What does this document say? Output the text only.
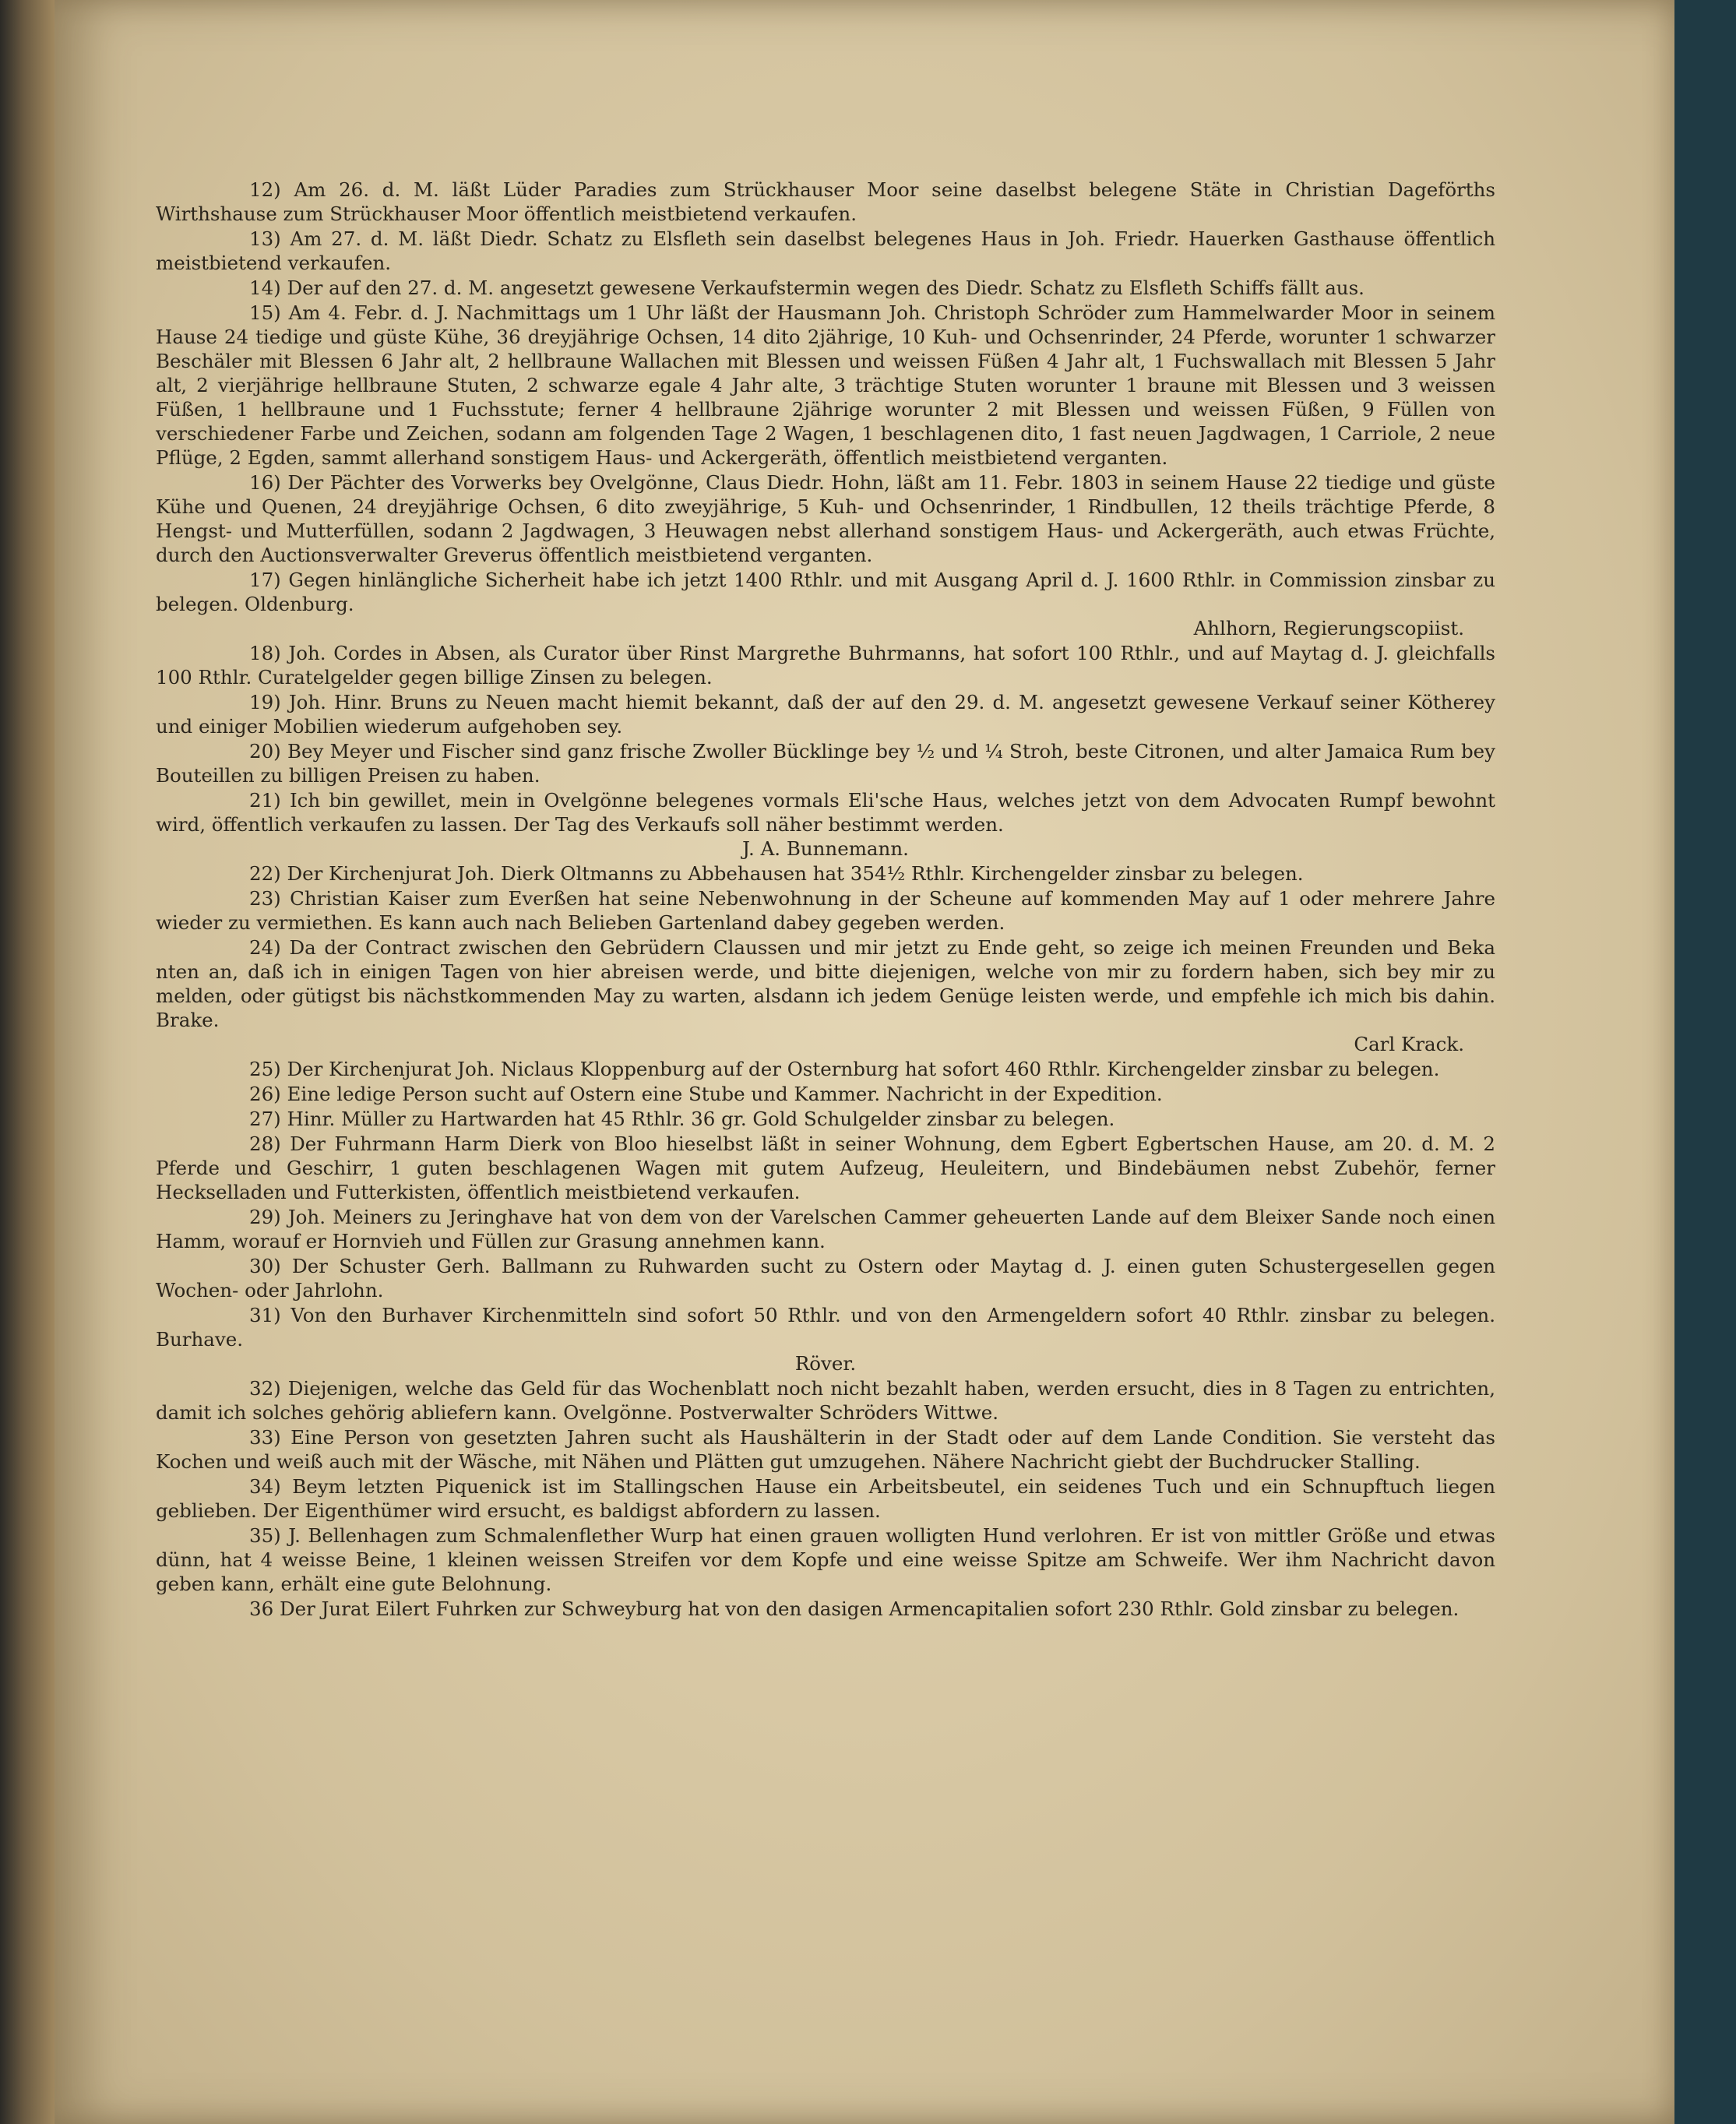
12) Am 26. d. M. läßt Lüder Paradies zum Strückhauser Moor seine daselbst belegene Stäte in Christian Dageförths Wirthshause zum Strückhauser Moor öffentlich meistbietend verkaufen.

13) Am 27. d. M. läßt Diedr. Schatz zu Elsfleth sein daselbst belegenes Haus in Joh. Friedr. Hauerken Gasthause öffentlich meistbietend verkaufen.

14) Der auf den 27. d. M. angesetzt gewesene Verkaufstermin wegen des Diedr. Schatz zu Elsfleth Schiffs fällt aus.

15) Am 4. Febr. d. J. Nachmittags um 1 Uhr läßt der Hausmann Joh. Christoph Schröder zum Hammelwarder Moor in seinem Hause 24 tiedige und güste Kühe, 36 dreyjährige Ochsen, 14 dito 2jährige, 10 Kuh- und Ochsenrinder, 24 Pferde, worunter 1 schwarzer Beschäler mit Blessen 6 Jahr alt, 2 hellbraune Wallachen mit Blessen und weissen Füßen 4 Jahr alt, 1 Fuchswallach mit Blessen 5 Jahr alt, 2 vierjährige hellbraune Stuten, 2 schwarze egale 4 Jahr alte, 3 trächtige Stuten worunter 1 braune mit Blessen und 3 weissen Füßen, 1 hellbraune und 1 Fuchsstute; ferner 4 hellbraune 2jährige worunter 2 mit Blessen und weissen Füßen, 9 Füllen von verschiedener Farbe und Zeichen, sodann am folgenden Tage 2 Wagen, 1 beschlagenen dito, 1 fast neuen Jagdwagen, 1 Carriole, 2 neue Pflüge, 2 Egden, sammt allerhand sonstigem Haus- und Ackergeräth, öffentlich meistbietend verganten.

16) Der Pächter des Vorwerks bey Ovelgönne, Claus Diedr. Hohn, läßt am 11. Febr. 1803 in seinem Hause 22 tiedige und güste Kühe und Quenen, 24 dreyjährige Ochsen, 6 dito zweyjährige, 5 Kuh- und Ochsenrinder, 1 Rindbullen, 12 theils trächtige Pferde, 8 Hengst- und Mutterfüllen, sodann 2 Jagdwagen, 3 Heuwagen nebst allerhand sonstigem Haus- und Ackergeräth, auch etwas Früchte, durch den Auctionsverwalter Greverus öffentlich meistbietend verganten.

17) Gegen hinlängliche Sicherheit habe ich jetzt 1400 Rthlr. und mit Ausgang April d. J. 1600 Rthlr. in Commission zinsbar zu belegen. Oldenburg.
Ahlhorn, Regierungscopiist.

18) Joh. Cordes in Absen, als Curator über Rinst Margrethe Buhrmanns, hat sofort 100 Rthlr., und auf Maytag d. J. gleichfalls 100 Rthlr. Curatelgelder gegen billige Zinsen zu belegen.

19) Joh. Hinr. Bruns zu Neuen macht hiemit bekannt, daß der auf den 29. d. M. angesetzt gewesene Verkauf seiner Kötherey und einiger Mobilien wiederum aufgehoben sey.

20) Bey Meyer und Fischer sind ganz frische Zwoller Bücklinge bey ½ und ¼ Stroh, beste Citronen, und alter Jamaica Rum bey Bouteillen zu billigen Preisen zu haben.

21) Ich bin gewillet, mein in Ovelgönne belegenes vormals Eli'sche Haus, welches jetzt von dem Advocaten Rumpf bewohnt wird, öffentlich verkaufen zu lassen. Der Tag des Verkaufs soll näher bestimmt werden.
J. A. Bunnemann.

22) Der Kirchenjurat Joh. Dierk Oltmanns zu Abbehausen hat 354½ Rthlr. Kirchengelder zinsbar zu belegen.

23) Christian Kaiser zum Everßen hat seine Nebenwohnung in der Scheune auf kommenden May auf 1 oder mehrere Jahre wieder zu vermiethen. Es kann auch nach Belieben Gartenland dabey gegeben werden.

24) Da der Contract zwischen den Gebrüdern Claussen und mir jetzt zu Ende geht, so zeige ich meinen Freunden und Beka nten an, daß ich in einigen Tagen von hier abreisen werde, und bitte diejenigen, welche von mir zu fordern haben, sich bey mir zu melden, oder gütigst bis nächstkommenden May zu warten, alsdann ich jedem Genüge leisten werde, und empfehle ich mich bis dahin. Brake.
Carl Krack.

25) Der Kirchenjurat Joh. Niclaus Kloppenburg auf der Osternburg hat sofort 460 Rthlr. Kirchengelder zinsbar zu belegen.

26) Eine ledige Person sucht auf Ostern eine Stube und Kammer. Nachricht in der Expedition.

27) Hinr. Müller zu Hartwarden hat 45 Rthlr. 36 gr. Gold Schulgelder zinsbar zu belegen.

28) Der Fuhrmann Harm Dierk von Bloo hieselbst läßt in seiner Wohnung, dem Egbert Egbertschen Hause, am 20. d. M. 2 Pferde und Geschirr, 1 guten beschlagenen Wagen mit gutem Aufzeug, Heuleitern, und Bindebäumen nebst Zubehör, ferner Heckselladen und Futterkisten, öffentlich meistbietend verkaufen.

29) Joh. Meiners zu Jeringhave hat von dem von der Varelschen Cammer geheuerten Lande auf dem Bleixer Sande noch einen Hamm, worauf er Hornvieh und Füllen zur Grasung annehmen kann.

30) Der Schuster Gerh. Ballmann zu Ruhwarden sucht zu Ostern oder Maytag d. J. einen guten Schustergesellen gegen Wochen- oder Jahrlohn.

31) Von den Burhaver Kirchenmitteln sind sofort 50 Rthlr. und von den Armengeldern sofort 40 Rthlr. zinsbar zu belegen. Burhave.
Röver.

32) Diejenigen, welche das Geld für das Wochenblatt noch nicht bezahlt haben, werden ersucht, dies in 8 Tagen zu entrichten, damit ich solches gehörig abliefern kann. Ovelgönne. Postverwalter Schröders Wittwe.

33) Eine Person von gesetzten Jahren sucht als Haushälterin in der Stadt oder auf dem Lande Condition. Sie versteht das Kochen und weiß auch mit der Wäsche, mit Nähen und Plätten gut umzugehen. Nähere Nachricht giebt der Buchdrucker Stalling.

34) Beym letzten Piquenick ist im Stallingschen Hause ein Arbeitsbeutel, ein seidenes Tuch und ein Schnupftuch liegen geblieben. Der Eigenthümer wird ersucht, es baldigst abfordern zu lassen.

35) J. Bellenhagen zum Schmalenflether Wurp hat einen grauen wolligten Hund verlohren. Er ist von mittler Größe und etwas dünn, hat 4 weisse Beine, 1 kleinen weissen Streifen vor dem Kopfe und eine weisse Spitze am Schweife. Wer ihm Nachricht davon geben kann, erhält eine gute Belohnung.

36 Der Jurat Eilert Fuhrken zur Schweyburg hat von den dasigen Armencapitalien sofort 230 Rthlr. Gold zinsbar zu belegen.
